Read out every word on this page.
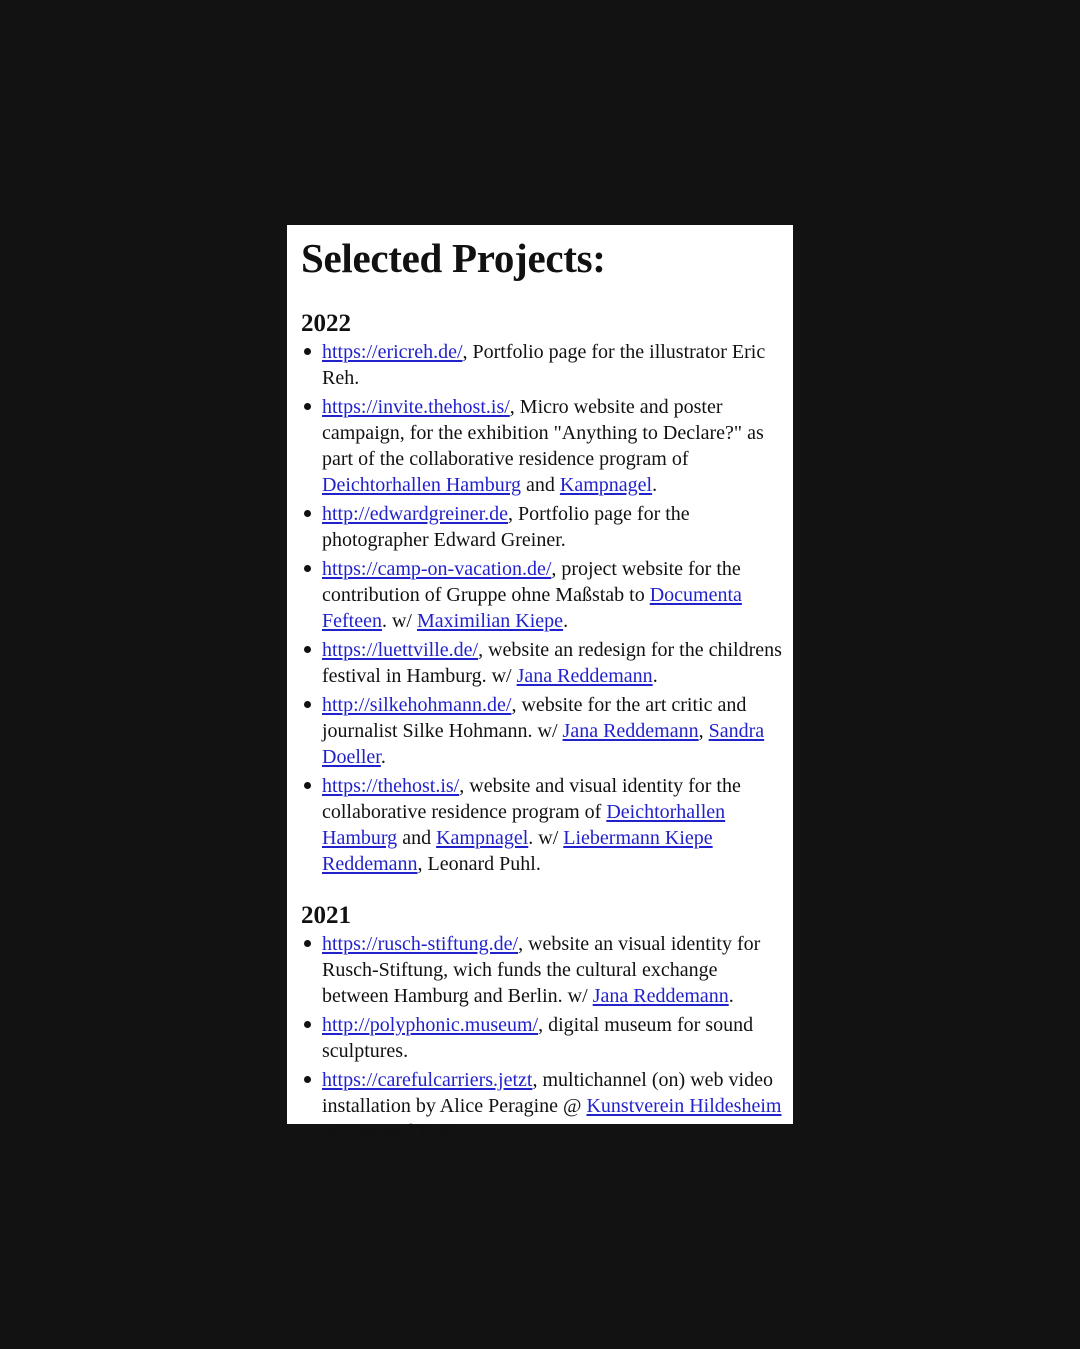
Selected Projects:
2022
https://ericreh.de/, Portfolio page for the illustrator Eric Reh.
https://invite.thehost.is/, Micro website and poster campaign, for the exhibition "Anything to Declare?" as part of the collaborative residence program of Deichtorhallen Hamburg and Kampnagel.
http://edwardgreiner.de, Portfolio page for the photographer Edward Greiner.
https://camp-on-vacation.de/, project website for the contribution of Gruppe ohne Maßstab to Documenta Fefteen. w/ Maximilian Kiepe.
https://luettville.de/, website an redesign for the childrens festival in Hamburg. w/ Jana Reddemann.
http://silkehohmann.de/, website for the art critic and journalist Silke Hohmann. w/ Jana Reddemann, Sandra Doeller.
https://thehost.is/, website and visual identity for the collaborative residence program of Deichtorhallen Hamburg and Kampnagel. w/ Liebermann Kiepe Reddemann, Leonard Puhl.
2021
https://rusch-stiftung.de/, website an visual identity for Rusch-Stiftung, wich funds the cultural exchange between Hamburg and Berlin. w/ Jana Reddemann.
http://polyphonic.museum/, digital museum for sound sculptures.
https://carefulcarriers.jetzt, multichannel (on) web video installation by Alice Peragine @ Kunstverein Hildesheim w/ Leonard Puhl.
